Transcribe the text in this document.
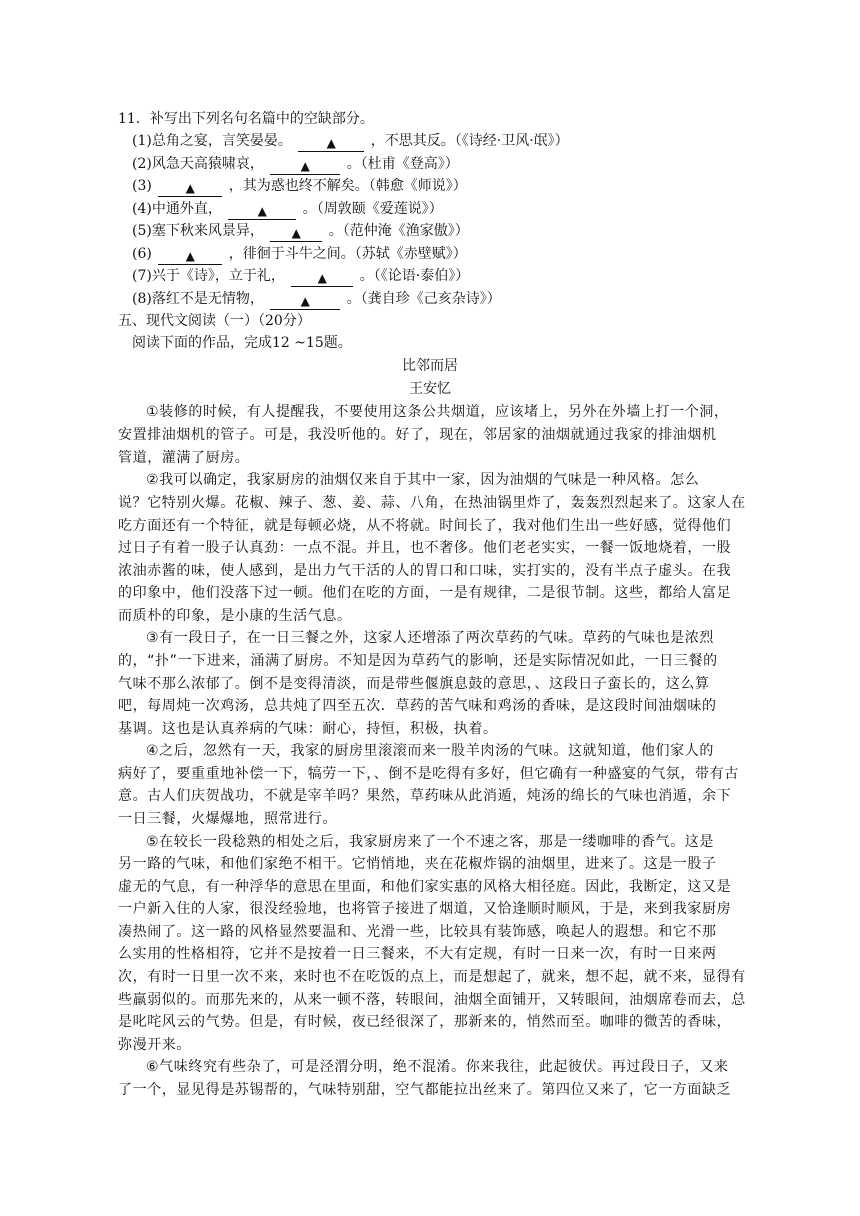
11．补写出下列名句名篇中的空缺部分。
(1)总角之宴，言笑晏晏。	▲ ，不思其反。（《诗经·卫风·氓》）
(2)风急天高猿啸哀，	▲	。（杜甫《登高》）
(3)	▲ ，其为惑也终不解矣。（韩愈《师说》）
(4)中通外直，	▲	。（周敦颐《爱莲说》）
(5)塞下秋来风景异， ▲ 。（范仲淹《渔家傲》）
(6)	▲ ，徘徊于斗牛之间。（苏轼《赤壁赋》）
(7)兴于《诗》，立于礼，	▲ 。（《论语·泰伯》）
(8)落红不是无情物，	▲	。（龚自珍《己亥杂诗》）
五、现代文阅读（一）（20分）
阅读下面的作品，完成12 ~15题。
比邻而居
王安忆
①装修的时候，有人提醒我，不要使用这条公共烟道，应该堵上，另外在外墙上打一个洞，
安置排油烟机的管子。可是，我没听他的。好了，现在，邻居家的油烟就通过我家的排油烟机
管道，灌满了厨房。
②我可以确定，我家厨房的油烟仅来自于其中一家，因为油烟的气味是一种风格。怎么
说？它特别火爆。花椒、辣子、葱、姜、蒜、八角，在热油锅里炸了，轰轰烈烈起来了。这家人在
吃方面还有一个特征，就是每顿必烧，从不将就。时间长了，我对他们生出一些好感，觉得他们
过日子有着一股子认真劲：一点不混。并且，也不奢侈。他们老老实实，一餐一饭地烧着，一股
浓油赤酱的味，使人感到，是出力气干活的人的胃口和口味，实打实的，没有半点子虚头。在我
的印象中，他们没落下过一顿。他们在吃的方面，一是有规律，二是很节制。这些，都给人富足
而质朴的印象，是小康的生活气息。
③有一段日子，在一日三餐之外，这家人还增添了两次草药的气味。草药的气味也是浓烈
的，“扑”一下进来，涌满了厨房。不知是因为草药气的影响，还是实际情况如此，一日三餐的
气味不那么浓郁了。倒不是变得清淡，而是带些偃旗息鼓的意思，、这段日子蛮长的，这么算
吧，每周炖一次鸡汤，总共炖了四至五次．草药的苦气味和鸡汤的香味，是这段时间油烟味的
基调。这也是认真养病的气味：耐心，持恒，积极，执着。
④之后，忽然有一天，我家的厨房里滚滚而来一股羊肉汤的气味。这就知道，他们家人的
病好了，要重重地补偿一下，犒劳一下，、倒不是吃得有多好，但它确有一种盛宴的气氛，带有古
意。古人们庆贺战功，不就是宰羊吗？果然，草药味从此消遁，炖汤的绵长的气味也消遁，余下
一日三餐，火爆爆地，照常进行。
⑤在较长一段稔熟的相处之后，我家厨房来了一个不速之客，那是一缕咖啡的香气。这是
另一路的气味，和他们家绝不相干。它悄悄地，夹在花椒炸锅的油烟里，进来了。这是一股子
虚无的气息，有一种浮华的意思在里面，和他们家实惠的风格大相径庭。因此，我断定，这又是
一户新入住的人家，很没经验地，也将管子接进了烟道，又恰逢顺时顺风，于是，来到我家厨房
凑热闹了。这一路的风格显然要温和、光滑一些，比较具有装饰感，唤起人的遐想。和它不那
么实用的性格相符，它并不是按着一日三餐来，不大有定规，有时一日来一次，有时一日来两
次，有时一日里一次不来，来时也不在吃饭的点上，而是想起了，就来，想不起，就不来，显得有
些羸弱似的。而那先来的，从来一顿不落，转眼间，油烟全面铺开，又转眼间，油烟席卷而去，总
是叱咤风云的气势。但是，有时候，夜已经很深了，那新来的，悄然而至。咖啡的微苦的香味，
弥漫开来。
⑥气味终究有些杂了，可是泾渭分明，绝不混淆。你来我往，此起彼伏。再过段日子，又来
了一个，显见得是苏锡帮的，气味特别甜，空气都能拉出丝来了。第四位又来了，它一方面缺乏
